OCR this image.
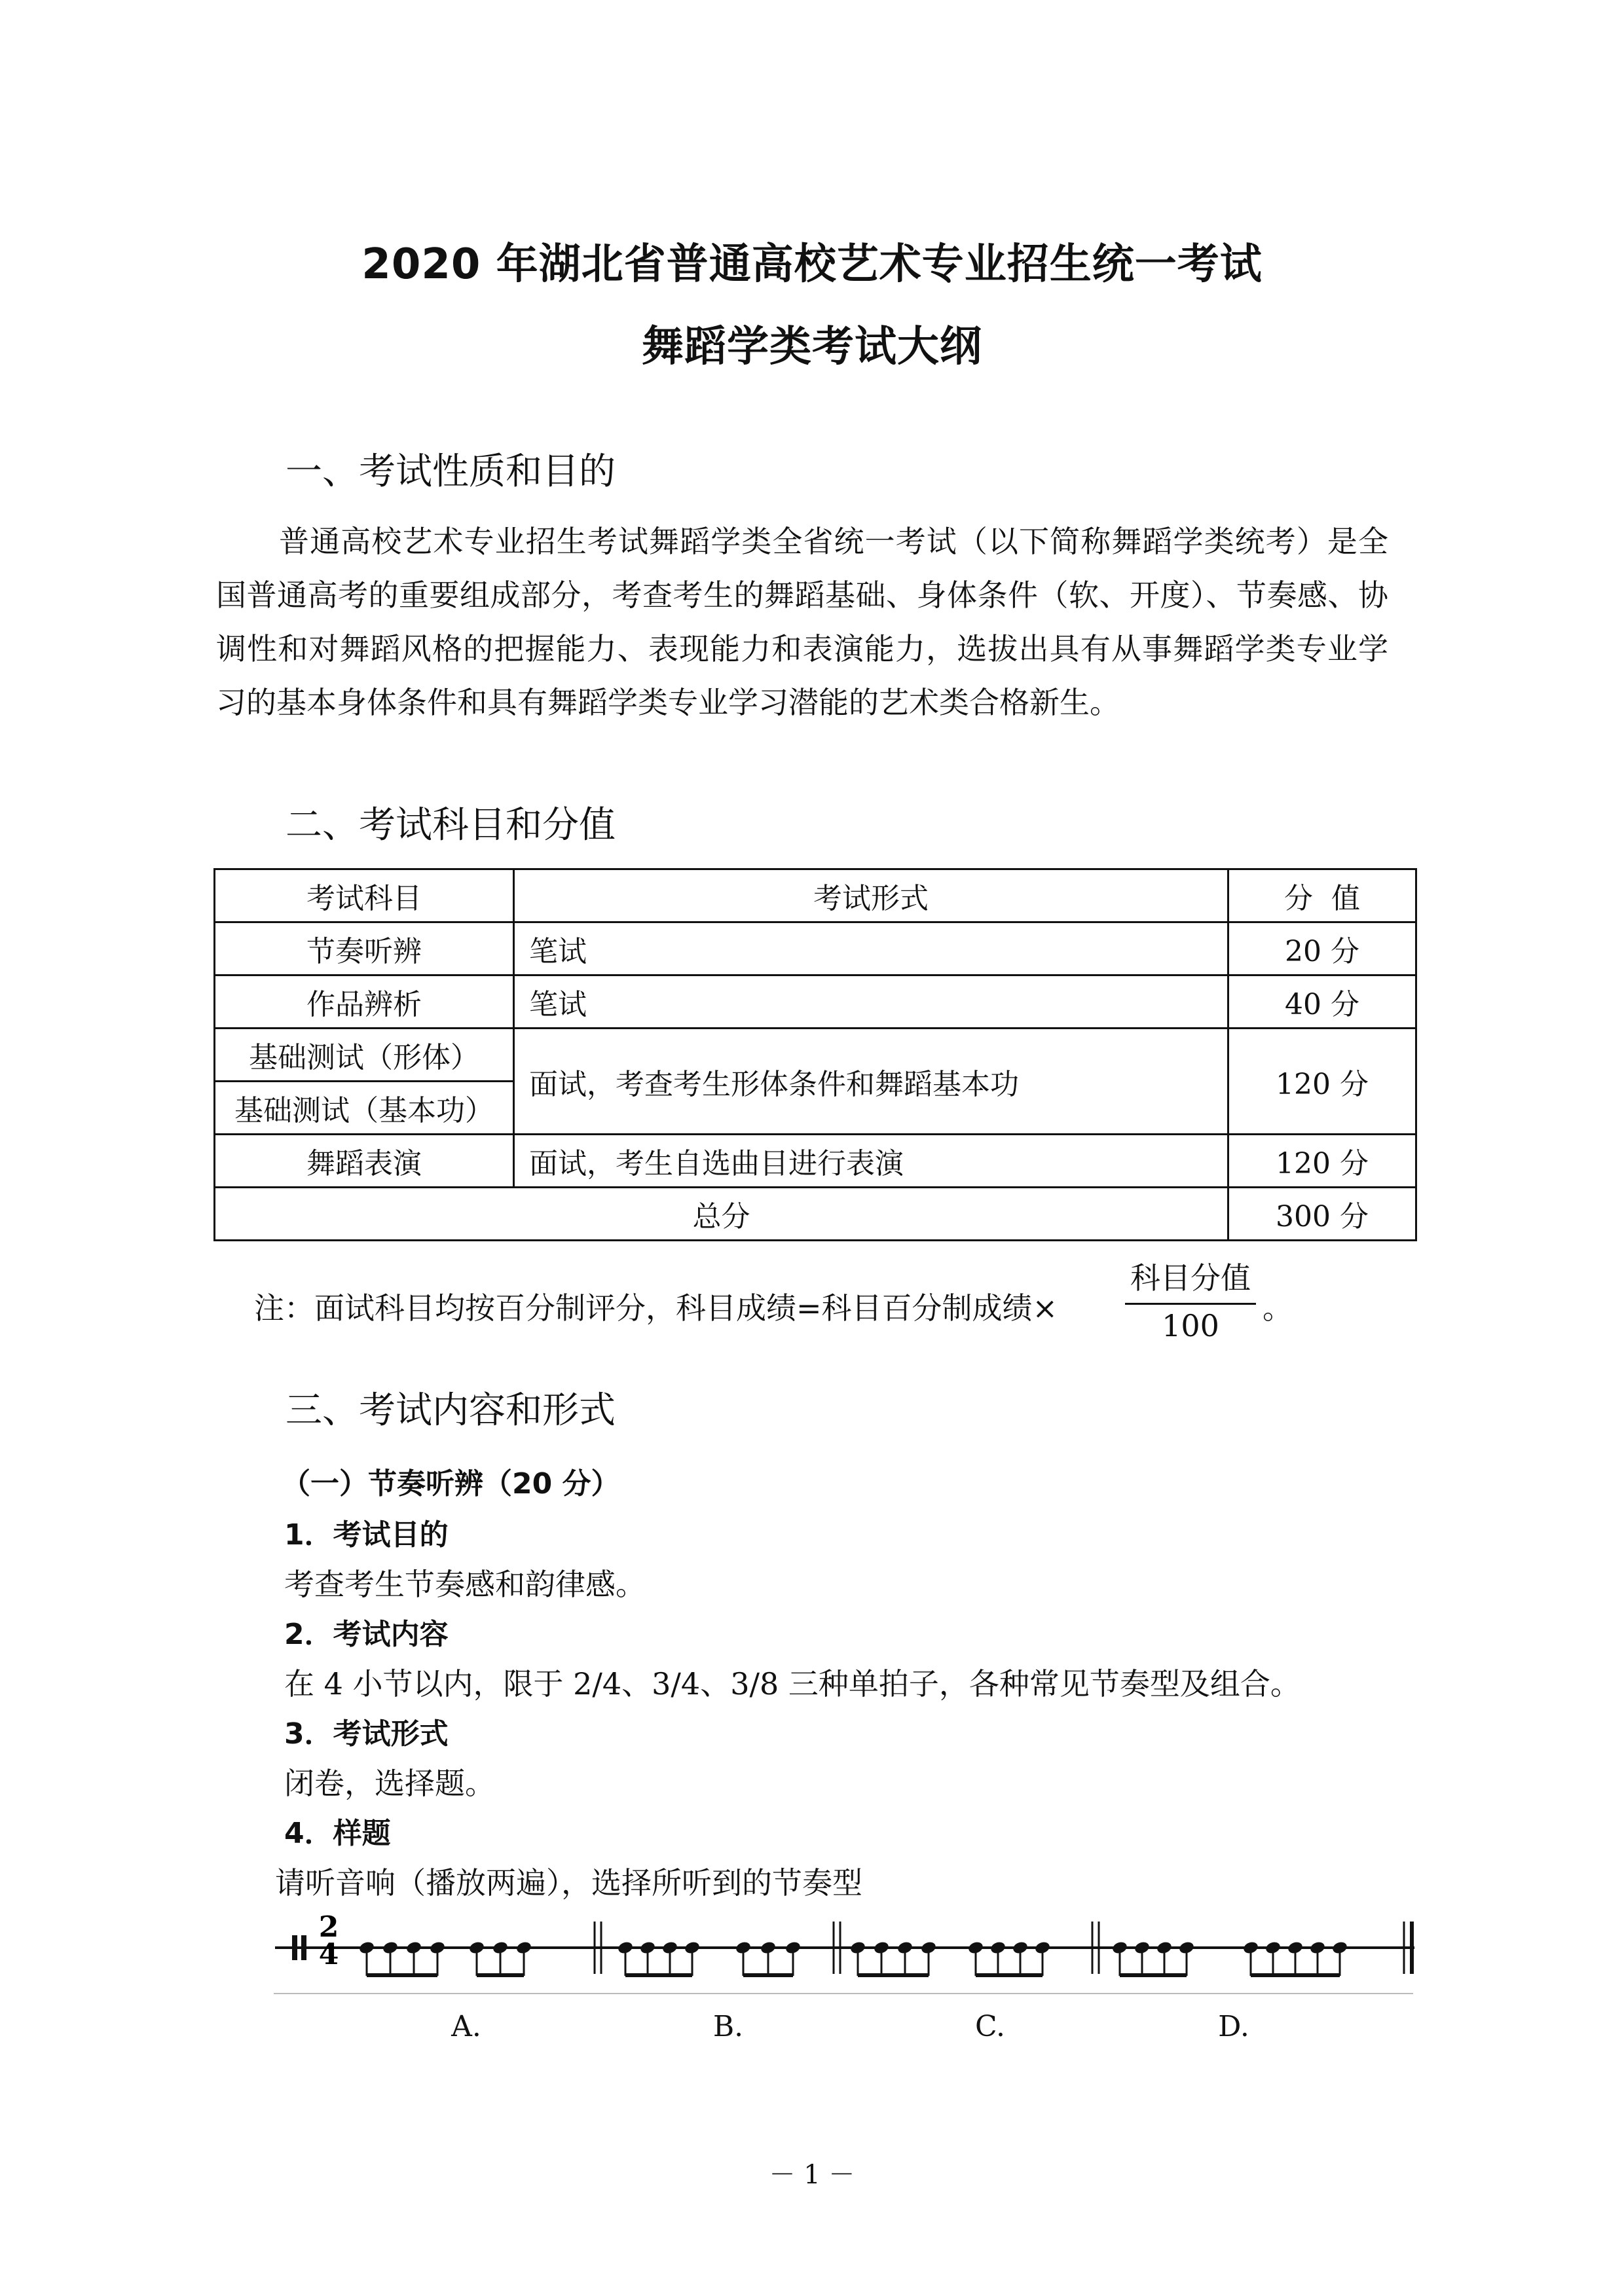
2020 年湖北省普通高校艺术专业招生统一考试
舞蹈学类考试大纲
一、考试性质和目的
普通高校艺术专业招生考试舞蹈学类全省统一考试（以下简称舞蹈学类统考）是全国普通高考的重要组成部分，考查考生的舞蹈基础、身体条件（软、开度）、节奏感、协调性和对舞蹈风格的把握能力、表现能力和表演能力，选拔出具有从事舞蹈学类专业学习的基本身体条件和具有舞蹈学类专业学习潜能的艺术类合格新生。
二、考试科目和分值
考试科目	考试形式	分  值
节奏听辨	笔试	20 分
作品辨析	笔试	40 分
基础测试（形体）	面试，考查考生形体条件和舞蹈基本功	120 分
基础测试（基本功）		
舞蹈表演	面试，考生自选曲目进行表演	120 分
总分		300 分
注：面试科目均按百分制评分，科目成绩=科目百分制成绩×
科目分值
100	。
三、考试内容和形式
（一）节奏听辨（20 分）
1．考试目的
考查考生节奏感和韵律感。
2．考试内容
在 4 小节以内，限于 2/4、3/4、3/8 三种单拍子，各种常见节奏型及组合。
3．考试形式
闭卷，选择题。
4．样题
请听音响（播放两遍），选择所听到的节奏型
2
4
A.	B.	C.	D.
－ 1 －
